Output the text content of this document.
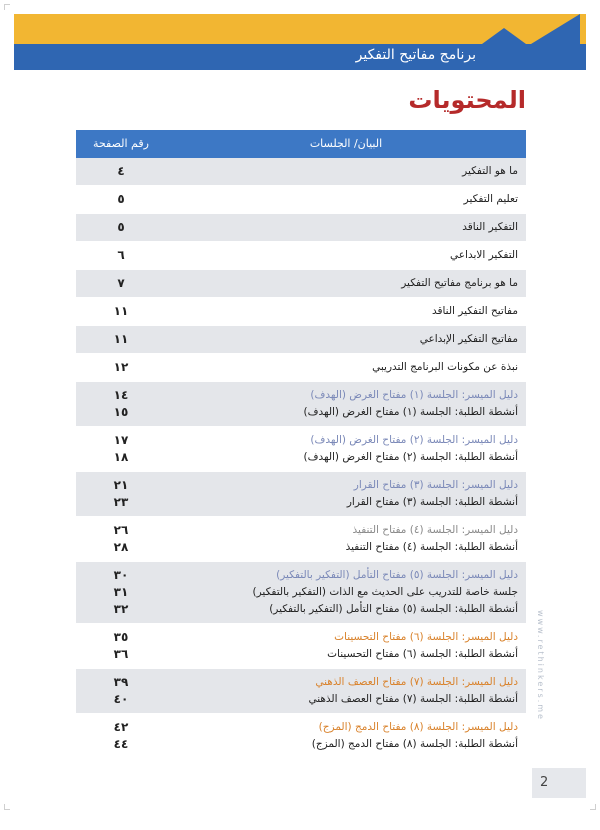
برنامج مفاتيح التفكير
المحتويات
رقم الصفحة	البيان/ الجلسات
ما هو التفكير
٤
تعليم التفكير
٥
التفكير الناقد
٥
التفكير الابداعي
٦
ما هو برنامج مفاتيح التفكير
٧
مفاتيح التفكير الناقد
١١
مفاتيح التفكير الإبداعي
١١
نبذة عن مكونات البرنامج التدريبي
١٢
دليل الميسر: الجلسة (١) مفتاح الغرض (الهدف)
أنشطة الطلبة: الجلسة (١) مفتاح الغرض (الهدف)
١٤
١٥
دليل الميسر: الجلسة (٢) مفتاح الغرض (الهدف)
أنشطة الطلبة: الجلسة (٢) مفتاح الغرض (الهدف)
١٧
١٨
دليل الميسر: الجلسة (٣) مفتاح القرار
أنشطة الطلبة: الجلسة (٣) مفتاح القرار
٢١
٢٣
دليل الميسر: الجلسة (٤) مفتاح التنفيذ
أنشطة الطلبة: الجلسة (٤) مفتاح التنفيذ
٢٦
٢٨
دليل الميسر: الجلسة (٥) مفتاح التأمل (التفكير بالتفكير)
جلسة خاصة للتدريب على الحديث مع الذات (التفكير بالتفكير)
أنشطة الطلبة: الجلسة (٥) مفتاح التأمل (التفكير بالتفكير)
٣٠
٣١
٣٢
دليل الميسر: الجلسة (٦) مفتاح التحسينات
أنشطة الطلبة: الجلسة (٦) مفتاح التحسينات
٣٥
٣٦
دليل الميسر: الجلسة (٧) مفتاح العصف الذهني
أنشطة الطلبة: الجلسة (٧) مفتاح العصف الذهني
٣٩
٤٠
دليل الميسر: الجلسة (٨) مفتاح الدمج (المزج)
أنشطة الطلبة: الجلسة (٨) مفتاح الدمج (المزج)
٤٢
٤٤
www.rethinkers.me
2
